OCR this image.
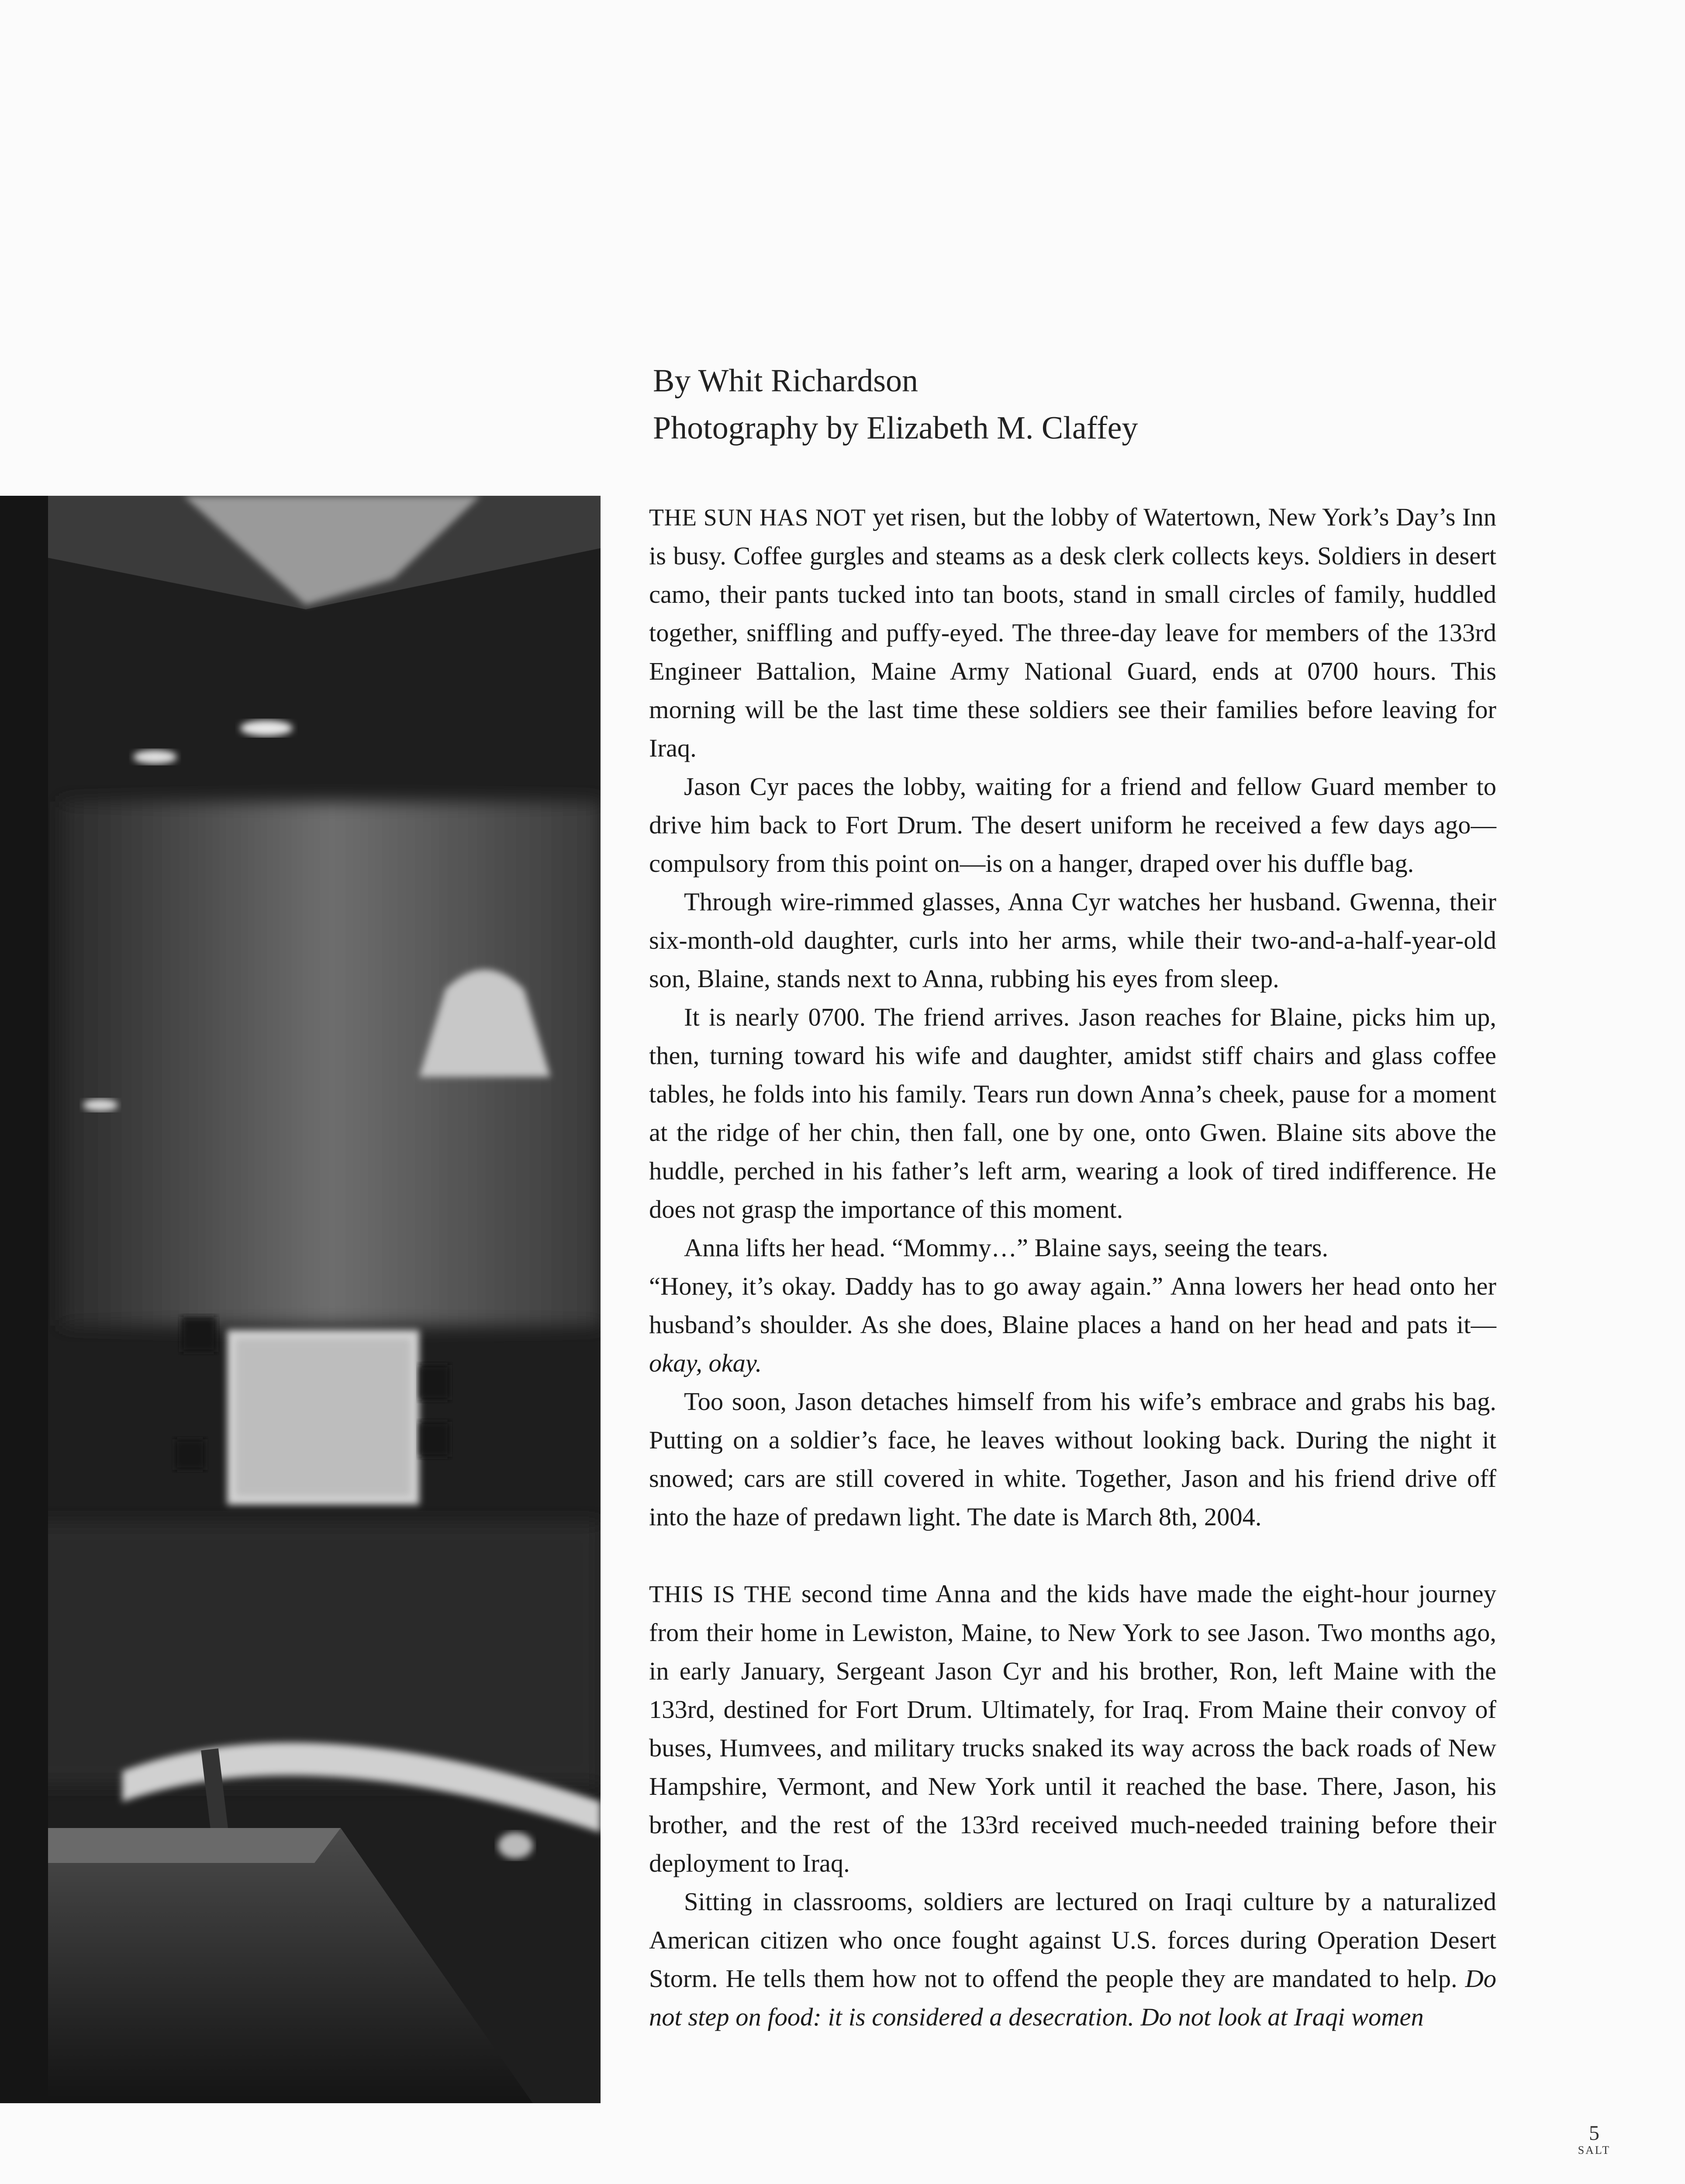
By Whit Richardson
Photography by Elizabeth M. Claffey

THE SUN HAS NOT yet risen, but the lobby of Watertown, New York’s Day’s Inn is busy. Coffee gurgles and steams as a desk clerk collects keys. Soldiers in desert camo, their pants tucked into tan boots, stand in small circles of family, huddled together, sniffling and puffy-eyed. The three-day leave for members of the 133rd Engineer Battalion, Maine Army National Guard, ends at 0700 hours. This morning will be the last time these soldiers see their families before leaving for Iraq.

Jason Cyr paces the lobby, waiting for a friend and fellow Guard member to drive him back to Fort Drum. The desert uniform he received a few days ago—compulsory from this point on—is on a hanger, draped over his duffle bag.

Through wire-rimmed glasses, Anna Cyr watches her husband. Gwenna, their six-month-old daughter, curls into her arms, while their two-and-a-half-year-old son, Blaine, stands next to Anna, rubbing his eyes from sleep.

It is nearly 0700. The friend arrives. Jason reaches for Blaine, picks him up, then, turning toward his wife and daughter, amidst stiff chairs and glass coffee tables, he folds into his family. Tears run down Anna’s cheek, pause for a moment at the ridge of her chin, then fall, one by one, onto Gwen. Blaine sits above the huddle, perched in his father’s left arm, wearing a look of tired indifference. He does not grasp the importance of this moment.

Anna lifts her head. “Mommy…” Blaine says, seeing the tears.

“Honey, it’s okay. Daddy has to go away again.” Anna lowers her head onto her husband’s shoulder. As she does, Blaine places a hand on her head and pats it—okay, okay.

Too soon, Jason detaches himself from his wife’s embrace and grabs his bag. Putting on a soldier’s face, he leaves without looking back. During the night it snowed; cars are still covered in white. Together, Jason and his friend drive off into the haze of predawn light. The date is March 8th, 2004.

THIS IS THE second time Anna and the kids have made the eight-hour journey from their home in Lewiston, Maine, to New York to see Jason. Two months ago, in early January, Sergeant Jason Cyr and his brother, Ron, left Maine with the 133rd, destined for Fort Drum. Ultimately, for Iraq. From Maine their convoy of buses, Humvees, and military trucks snaked its way across the back roads of New Hampshire, Vermont, and New York until it reached the base. There, Jason, his brother, and the rest of the 133rd received much-needed training before their deployment to Iraq.

Sitting in classrooms, soldiers are lectured on Iraqi culture by a naturalized American citizen who once fought against U.S. forces during Operation Desert Storm. He tells them how not to offend the people they are mandated to help. Do not step on food: it is considered a desecration. Do not look at Iraqi women

5
SALT
